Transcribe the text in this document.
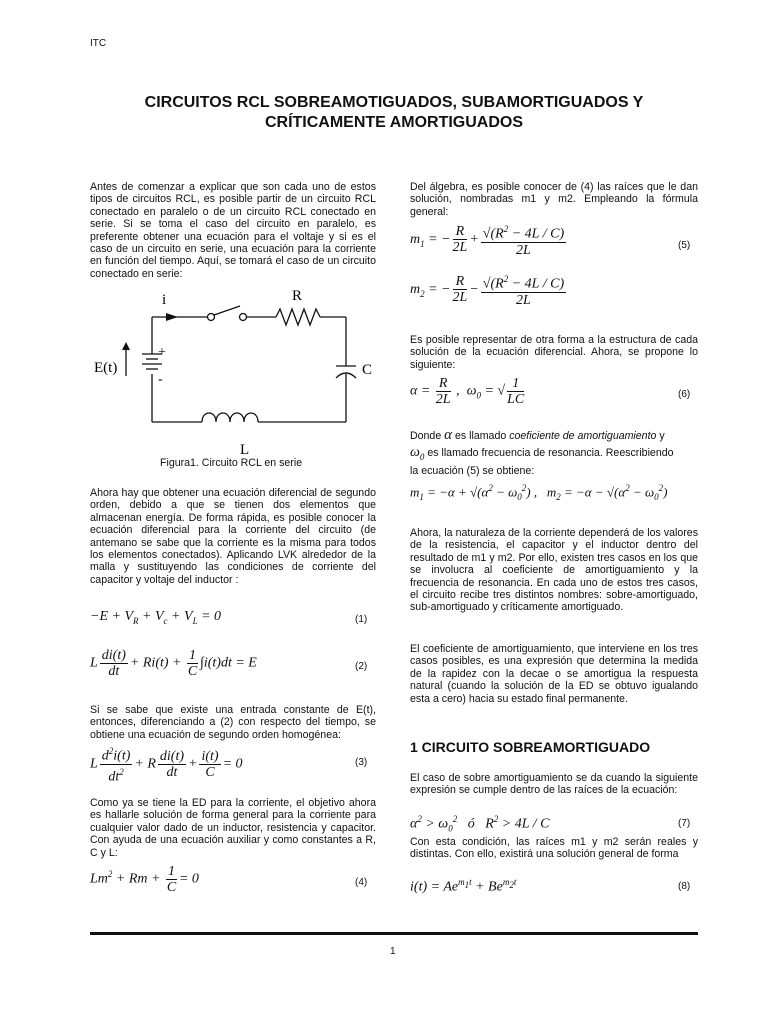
ITC
CIRCUITOS RCL SOBREAMOTIGUADOS, SUBAMORTIGUADOS Y
CRÍTICAMENTE AMORTIGUADOS

Antes de comenzar a explicar que son cada uno de estos tipos de circuitos RCL, es posible partir de un circuito RCL conectado en paralelo o de un circuito RCL conectado en serie. Si se toma el caso del circuito en paralelo, es preferente obtener una ecuación para el voltaje y si es el caso de un circuito en serie, una ecuación para la corriente en función del tiempo. Aquí, se tomará el caso de un circuito conectado en serie:

i	R
E(t)
+
-
C
L
Figura1. Circuito RCL en serie

Ahora hay que obtener una ecuación diferencial de segundo orden, debido a que se tienen dos elementos que almacenan energía. De forma rápida, es posible conocer la ecuación diferencial para la corriente del circuito (de antemano se sabe que la corriente es la misma para todos los elementos conectados). Aplicando LVK alrededor de la malla y sustituyendo las condiciones de corriente del capacitor y voltaje del inductor :

$-E + V_R + V_c + V_L = 0$	(1)
L $\frac{di(t)}{dt} + Ri(t) + \frac{1}{C} \int i(t)dt = E$	(2)

Si se sabe que existe una entrada constante de E(t), entonces, diferenciando a (2) con respecto del tiempo, se obtiene una ecuación de segundo orden homogénea:

L $\frac{d^2i(t)}{dt^2} + R \frac{di(t)}{dt} + \frac{i(t)}{C} = 0$	(3)

Como ya se tiene la ED para la corriente, el objetivo ahora es hallarle solución de forma general para la corriente para cualquier valor dado de un inductor, resistencia y capacitor. Con ayuda de una ecuación auxiliar y como constantes a R, C y L:

$Lm^2 + Rm + \frac{1}{C} = 0$	(4)

Del álgebra, es posible conocer de (4) las raíces que le dan solución, nombradas m1 y m2. Empleando la fórmula general:

$m_1$ = − $\frac{R}{2L} + \frac{√(R^2 - 4L / C)}{2L}$
$m_2$ = − $\frac{R}{2L} - \frac{√(R^2 - 4L / C)}{2L}$
(5)

Es posible representar de otra forma a la estructura de cada solución de la ecuación diferencial. Ahora, se propone lo siguiente:

$\alpha = \frac{R}{2L}$ ,  $\omega_0$ = √ $\frac{1}{LC}$	(6)
Donde α es llamado coeficiente de amortiguamiento y
$\omega_0$ es llamado frecuencia de resonancia. Reescribiendo
la ecuación (5) se obtiene:
$m_1 = -\alpha + √(\alpha^2 - \omega_0^2)$ ,   $m_2 = -\alpha - √(\alpha^2 - \omega_0^2)$

Ahora, la naturaleza de la corriente dependerá de los valores de la resistencia, el capacitor y el inductor dentro del resultado de m1 y m2. Por ello, existen tres casos en los que se involucra al coeficiente de amortiguamiento y la frecuencia de resonancia. En cada uno de estos tres casos, el circuito recibe tres distintos nombres: sobre-amortiguado, sub-amortiguado y críticamente amortiguado.

El coeficiente de amortiguamiento, que interviene en los tres casos posibles, es una expresión que determina la medida de la rapidez con la decae o se amortigua la respuesta natural (cuando la solución de la ED se obtuvo igualando esta a cero) hacia su estado final permanente.

1 CIRCUITO SOBREAMORTIGUADO

El caso de sobre amortiguamiento se da cuando la siguiente expresión se cumple dentro de las raíces de la ecuación:

$\alpha^2 > \omega_0^2$   ó   $R^2 > 4L / C$	(7)

Con esta condición, las raíces m1 y m2 serán reales y distintas. Con ello, existirá una solución general de forma

$i(t) = Ae^{m_1t} + Be^{m_2t}$	(8)
1
